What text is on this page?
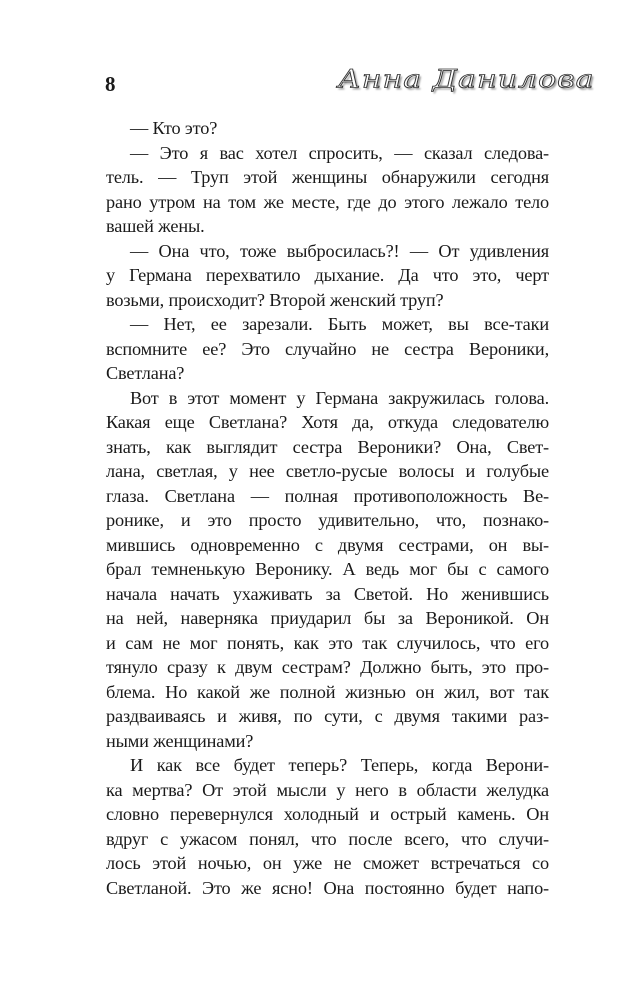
8	Анна Данилова
— Кто это?
— Это я вас хотел спросить, — сказал следова-
тель. — Труп этой женщины обнаружили сегодня
рано утром на том же месте, где до этого лежало тело
вашей жены.
— Она что, тоже выбросилась?! — От удивления
у Германа перехватило дыхание. Да что это, черт
возьми, происходит? Второй женский труп?
— Нет, ее зарезали. Быть может, вы все-таки
вспомните ее? Это случайно не сестра Вероники,
Светлана?
Вот в этот момент у Германа закружилась голова.
Какая еще Светлана? Хотя да, откуда следователю
знать, как выглядит сестра Вероники? Она, Свет-
лана, светлая, у нее светло-русые волосы и голубые
глаза. Светлана — полная противоположность Ве-
ронике, и это просто удивительно, что, познако-
мившись одновременно с двумя сестрами, он вы-
брал темненькую Веронику. А ведь мог бы с самого
начала начать ухаживать за Светой. Но женившись
на ней, наверняка приударил бы за Вероникой. Он
и сам не мог понять, как это так случилось, что его
тянуло сразу к двум сестрам? Должно быть, это про-
блема. Но какой же полной жизнью он жил, вот так
раздваиваясь и живя, по сути, с двумя такими раз-
ными женщинами?
И как все будет теперь? Теперь, когда Верони-
ка мертва? От этой мысли у него в области желудка
словно перевернулся холодный и острый камень. Он
вдруг с ужасом понял, что после всего, что случи-
лось этой ночью, он уже не сможет встречаться со
Светланой. Это же ясно! Она постоянно будет напо-
